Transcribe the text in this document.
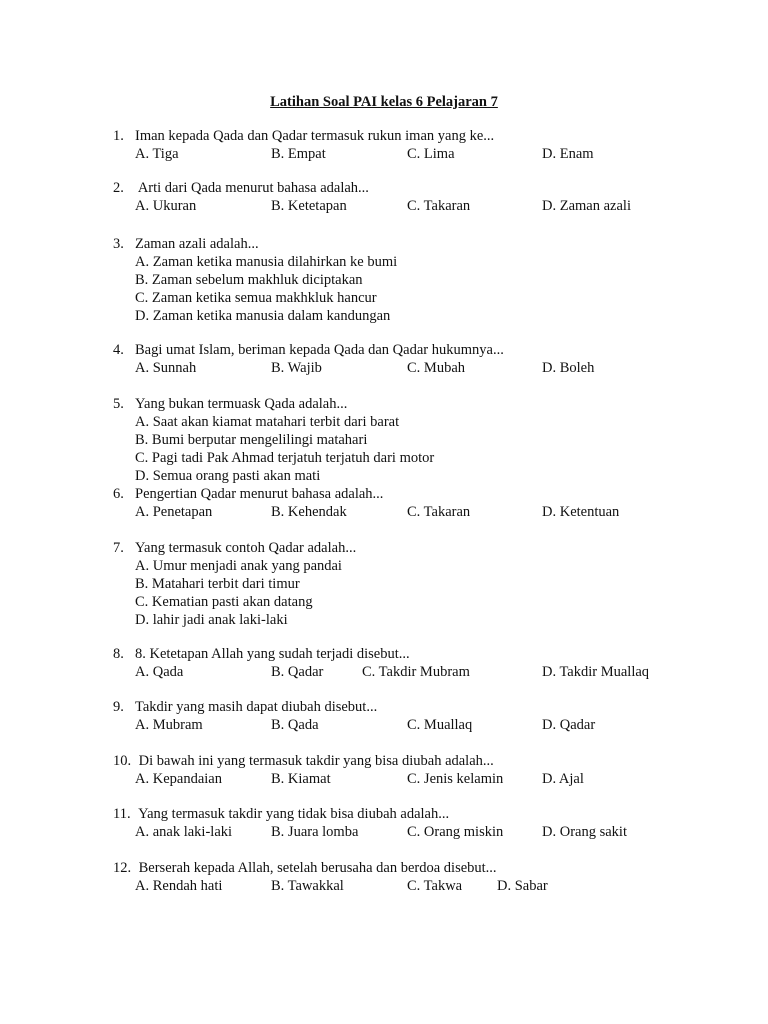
Latihan Soal PAI kelas 6 Pelajaran 7
1. Iman kepada Qada dan Qadar termasuk rukun iman yang ke...
A. Tiga	B. Empat	C. Lima	D. Enam
2. Arti dari Qada menurut bahasa adalah...
A. Ukuran	B. Ketetapan	C. Takaran	D. Zaman azali
3. Zaman azali adalah...
A. Zaman ketika manusia dilahirkan ke bumi
B. Zaman sebelum makhluk diciptakan
C. Zaman ketika semua makhkluk hancur
D. Zaman ketika manusia dalam kandungan
4. Bagi umat Islam, beriman kepada Qada dan Qadar hukumnya...
A. Sunnah	B. Wajib	C. Mubah	D. Boleh
5. Yang bukan termuask Qada adalah...
A. Saat akan kiamat matahari terbit dari barat
B. Bumi berputar mengelilingi matahari
C. Pagi tadi Pak Ahmad terjatuh terjatuh dari motor
D. Semua orang pasti akan mati
6. Pengertian Qadar menurut bahasa adalah...
A. Penetapan	B. Kehendak	C. Takaran	D. Ketentuan
7. Yang termasuk contoh Qadar adalah...
A. Umur menjadi anak yang pandai
B. Matahari terbit dari timur
C. Kematian pasti akan datang
D. lahir jadi anak laki-laki
8. 8. Ketetapan Allah yang sudah terjadi disebut...
A. Qada	B. Qadar	C. Takdir Mubram	D. Takdir Muallaq
9. Takdir yang masih dapat diubah disebut...
A. Mubram	B. Qada	C. Muallaq	D. Qadar
10. Di bawah ini yang termasuk takdir yang bisa diubah adalah...
A. Kepandaian	B. Kiamat	C. Jenis kelamin	D. Ajal
11. Yang termasuk takdir yang tidak bisa diubah adalah...
A. anak laki-laki	B. Juara lomba	C. Orang miskin	D. Orang sakit
12. Berserah kepada Allah, setelah berusaha dan berdoa disebut...
A. Rendah hati	B. Tawakkal	C. Takwa D. Sabar
